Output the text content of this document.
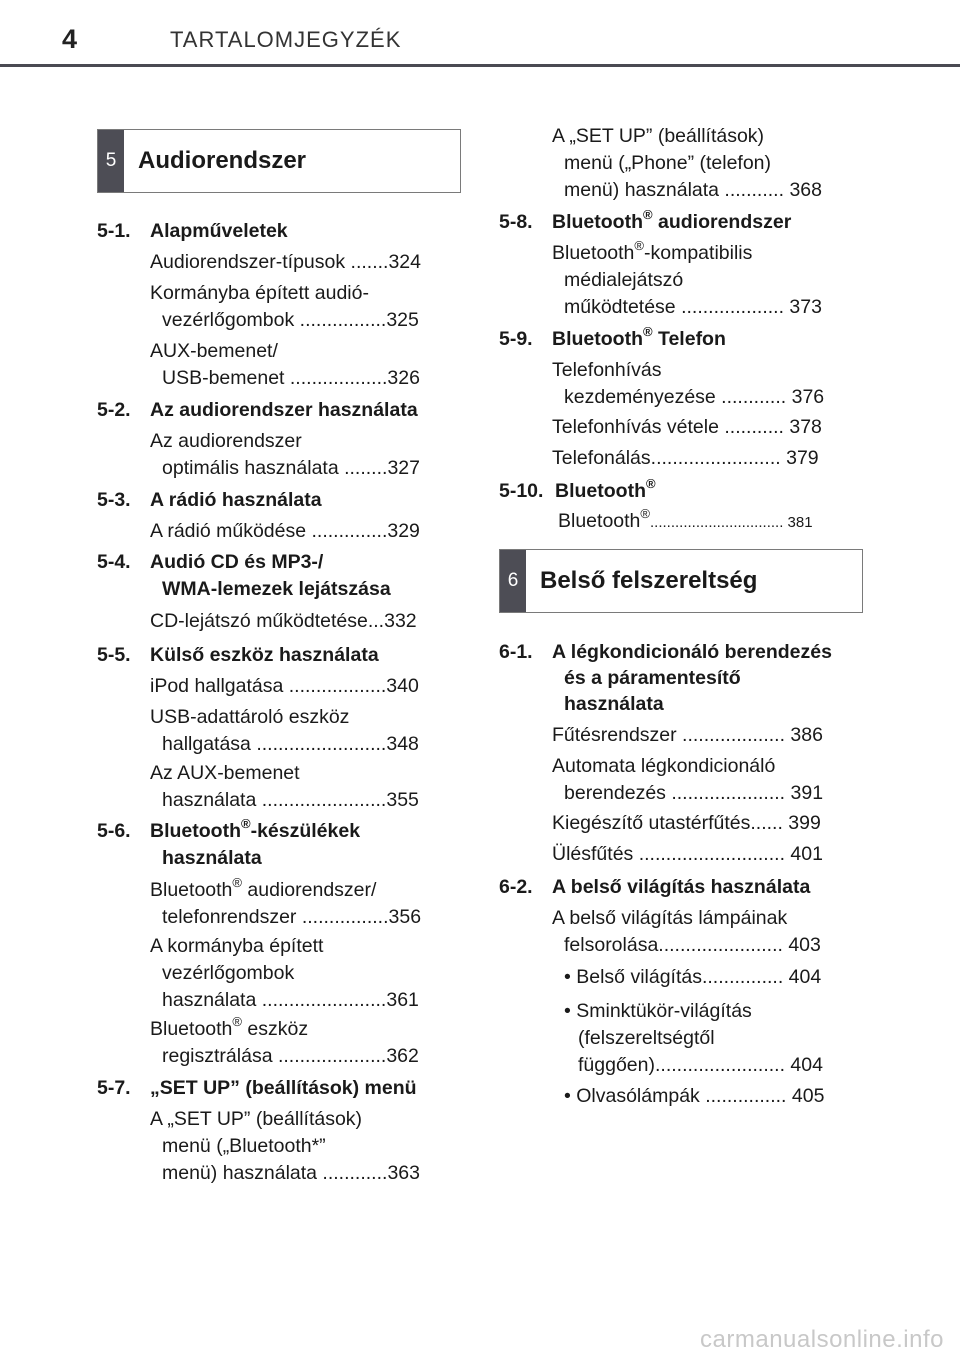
4	TARTALOMJEGYZÉK
5 Audiorendszer
5-1. Alapműveletek
Audiorendszer-típusok .......324
Kormányba épített audió-
vezérlőgombok ................325
AUX-bemenet/
USB-bemenet ..................326
5-2. Az audiorendszer használata
Az audiorendszer
optimális használata ........327
5-3. A rádió használata
A rádió működése ..............329
5-4. Audió CD és MP3-/
WMA-lemezek lejátszása
CD-lejátszó működtetése...332
5-5. Külső eszköz használata
iPod hallgatása ..................340
USB-adattároló eszköz
hallgatása ........................348
Az AUX-bemenet
használata .......................355
5-6. Bluetooth®-készülékek
használata
Bluetooth® audiorendszer/
telefonrendszer ................356
A kormányba épített
vezérlőgombok
használata .......................361
Bluetooth® eszköz
regisztrálása ....................362
5-7. „SET UP” (beállítások) menü
A „SET UP” (beállítások)
menü („Bluetooth*”
menü) használata ............363
A „SET UP” (beállítások)
menü („Phone” (telefon)
menü) használata ........... 368
5-8. Bluetooth® audiorendszer
Bluetooth®-kompatibilis
médialejátszó
működtetése ................... 373
5-9. Bluetooth® Telefon
Telefonhívás
kezdeményezése ............ 376
Telefonhívás vétele ........... 378
Telefonálás........................ 379
5-10. Bluetooth®
Bluetooth®................................ 381
6 Belső felszereltség
6-1. A légkondicionáló berendezés
és a páramentesítő
használata
Fűtésrendszer ................... 386
Automata légkondicionáló
berendezés ..................... 391
Kiegészítő utastérfűtés...... 399
Ülésfűtés ........................... 401
6-2. A belső világítás használata
A belső világítás lámpáinak
felsorolása....................... 403
• Belső világítás............... 404
• Sminktükör-világítás
(felszereltségtől
függően)........................ 404
• Olvasólámpák ............... 405
carmanualsonline.info
